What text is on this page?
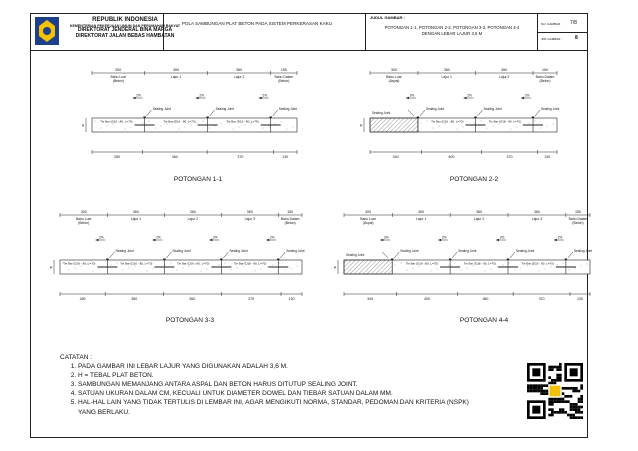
REPUBLIK INDONESIA
KEMENTERIAN PEKERJAAN UMUM DAN PERUMAHAN RAKYAT
DIREKTORAT JENDERAL BINA MARGA
DIREKTORAT JALAN BEBAS HAMBATAN
POLA SAMBUNGAN PLAT BETON PADA SISTEM PERKERASAN KAKU
JUDUL GAMBAR :
POTONGAN 1-1, POTONGAN 2-2, POTONGAN 3-3, POTONGAN 4-4
DENGAN LEBAR LAJUR 3,6 M
NO. GAMBAR : 7/8
JML GAMBAR :	8
300
Bahu Luar
(Beton)
360
Lajur 1
360
Lajur 2
150
Bahu Dalam
(Beton)
H
Sealing Joint
Tie Bar (D16 - 80, L=70)
Sealing Joint
Tie Bar (D16 - 80, L=70)
Sealing Joint
Tie Bar (D16 - 80, L=70)
2%	2%	2%
280	360	370	130
POTONGAN 1-1
300
Bahu Luar
(Aspal)
360
Lajur 1
360
Lajur 2
150
Bahu Dalam
(Beton)
H
Sealing Joint	Sealing Joint
Tie Bar (D16 - 80, L=70)
Sealing Joint
Tie Bar (D16 - 80, L=70)
Sealing Joint
3%	2%	2%
340	400	370	130
POTONGAN 2-2
300
Bahu Luar
(Beton)
360
Lajur 1
360
Lajur 2
360
Lajur 3
150
Bahu Dalam
(Beton)
H
Sealing Joint
Tie Bar (D16 - 80, L=70)
Sealing Joint
Tie Bar (D16 - 80, L=70)
Sealing Joint
Tie Bar (D16 - 80, L=70)
Sealing Joint
Tie Bar (D16 - 80, L=70)
2%	2%	2%	2%
280	360	360	370	130
POTONGAN 3-3
300
Bahu Luar
(Aspal)
360
Lajur 1
360
Lajur 2
360
Lajur 3
150
Bahu Dalam
(Beton)
H
Sealing Joint	Sealing Joint
Tie Bar (D16 - 80, L=70)
Sealing Joint
Tie Bar (D16 - 80, L=70)
Sealing Joint
Tie Bar (D16 - 80, L=70)
Sealing Joint
3%	2%	2%	2%
340	400	360	370	130
POTONGAN 4-4
CATATAN :
1. PADA GAMBAR INI LEBAR LAJUR YANG DIGUNAKAN ADALAH 3,6 M.
2. H = TEBAL PLAT BETON.
3. SAMBUNGAN MEMANJANG ANTARA ASPAL DAN BETON HARUS DITUTUP SEALING JOINT.
4. SATUAN UKURAN DALAM CM, KECUALI UNTUK DIAMETER DOWEL DAN TIEBAR SATUAN DALAM MM.
5. HAL-HAL LAIN YANG TIDAK TERTULIS DI LEMBAR INI, AGAR MENGIKUTI NORMA, STANDAR, PEDOMAN DAN KRITERIA (NSPK)
YANG BERLAKU.
